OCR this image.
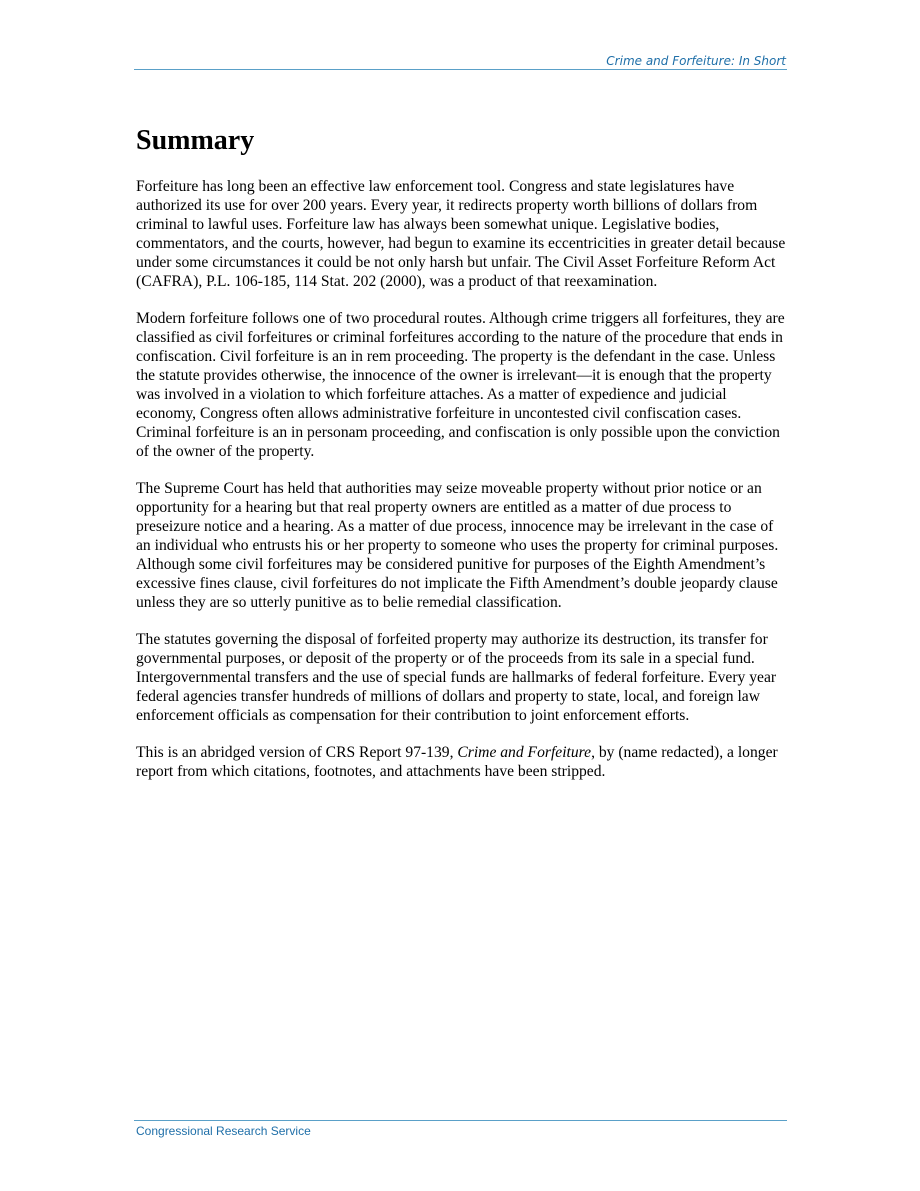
Crime and Forfeiture: In Short
Summary

Forfeiture has long been an effective law enforcement tool. Congress and state legislatures have authorized its use for over 200 years. Every year, it redirects property worth billions of dollars from criminal to lawful uses. Forfeiture law has always been somewhat unique. Legislative bodies, commentators, and the courts, however, had begun to examine its eccentricities in greater detail because under some circumstances it could be not only harsh but unfair. The Civil Asset Forfeiture Reform Act (CAFRA), P.L. 106-185, 114 Stat. 202 (2000), was a product of that reexamination.

Modern forfeiture follows one of two procedural routes. Although crime triggers all forfeitures, they are classified as civil forfeitures or criminal forfeitures according to the nature of the procedure that ends in confiscation. Civil forfeiture is an in rem proceeding. The property is the defendant in the case. Unless the statute provides otherwise, the innocence of the owner is irrelevant—it is enough that the property was involved in a violation to which forfeiture attaches. As a matter of expedience and judicial economy, Congress often allows administrative forfeiture in uncontested civil confiscation cases. Criminal forfeiture is an in personam proceeding, and confiscation is only possible upon the conviction of the owner of the property.

The Supreme Court has held that authorities may seize moveable property without prior notice or an opportunity for a hearing but that real property owners are entitled as a matter of due process to preseizure notice and a hearing. As a matter of due process, innocence may be irrelevant in the case of an individual who entrusts his or her property to someone who uses the property for criminal purposes. Although some civil forfeitures may be considered punitive for purposes of the Eighth Amendment’s excessive fines clause, civil forfeitures do not implicate the Fifth Amendment’s double jeopardy clause unless they are so utterly punitive as to belie remedial classification.

The statutes governing the disposal of forfeited property may authorize its destruction, its transfer for governmental purposes, or deposit of the property or of the proceeds from its sale in a special fund. Intergovernmental transfers and the use of special funds are hallmarks of federal forfeiture. Every year federal agencies transfer hundreds of millions of dollars and property to state, local, and foreign law enforcement officials as compensation for their contribution to joint enforcement efforts.

This is an abridged version of CRS Report 97-139, Crime and Forfeiture, by (name redacted), a longer report from which citations, footnotes, and attachments have been stripped.

Congressional Research Service
